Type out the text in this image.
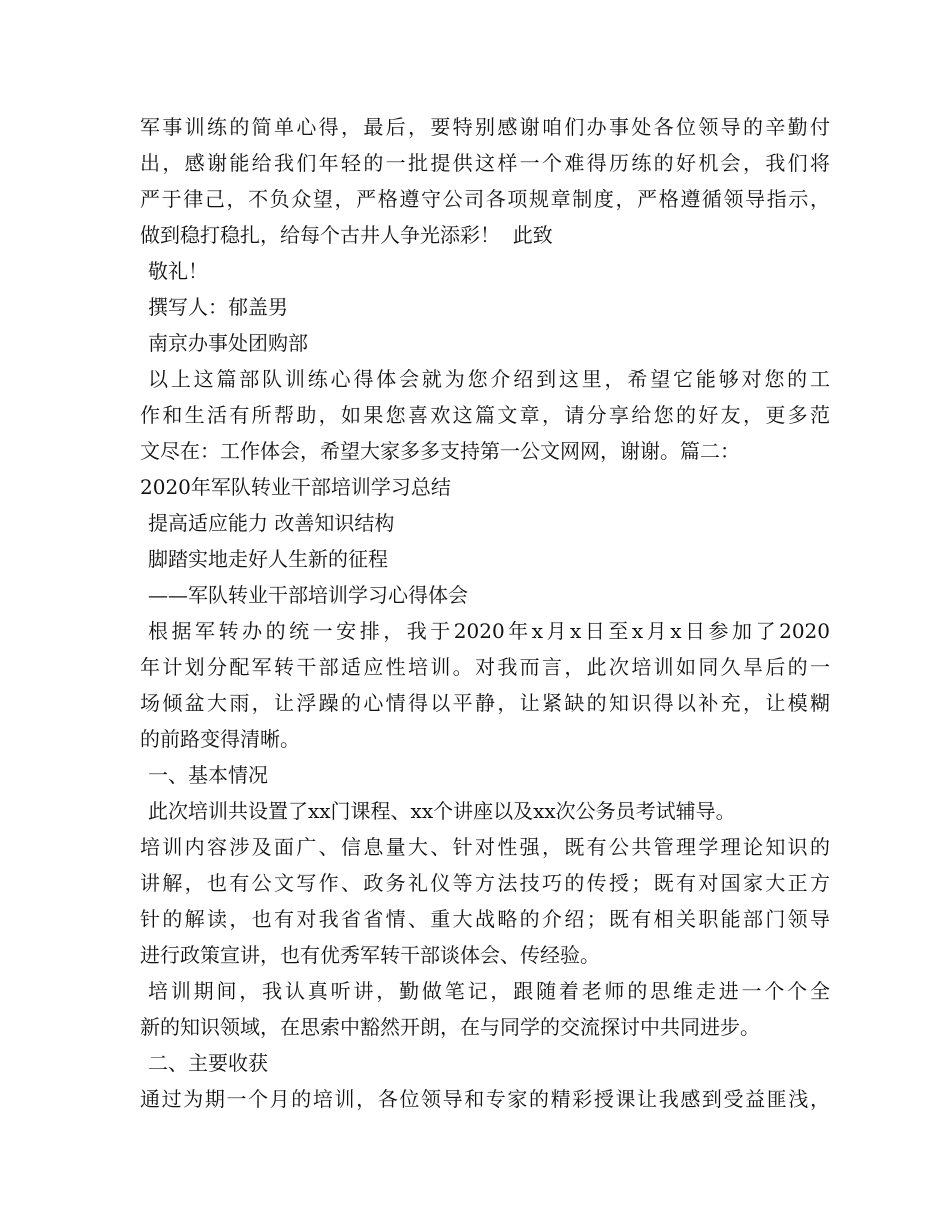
军事训练的简单心得，最后，要特别感谢咱们办事处各位领导的辛勤付
出，感谢能给我们年轻的一批提供这样一个难得历练的好机会，我们将
严于律己，不负众望，严格遵守公司各项规章制度，严格遵循领导指示，
做到稳打稳扎，给每个古井人争光添彩！  此致
敬礼！
撰写人：郁盖男
南京办事处团购部
以上这篇部队训练心得体会就为您介绍到这里，希望它能够对您的工
作和生活有所帮助，如果您喜欢这篇文章，请分享给您的好友，更多范
文尽在：工作体会，希望大家多多支持第一公文网网，谢谢。篇二：
2020年军队转业干部培训学习总结
提高适应能力 改善知识结构
脚踏实地走好人生新的征程
——军队转业干部培训学习心得体会
根据军转办的统一安排，我于2020年x月x日至x月x日参加了2020
年计划分配军转干部适应性培训。对我而言，此次培训如同久旱后的一
场倾盆大雨，让浮躁的心情得以平静，让紧缺的知识得以补充，让模糊
的前路变得清晰。
一、基本情况
此次培训共设置了xx门课程、xx个讲座以及xx次公务员考试辅导。
培训内容涉及面广、信息量大、针对性强，既有公共管理学理论知识的
讲解，也有公文写作、政务礼仪等方法技巧的传授；既有对国家大正方
针的解读，也有对我省省情、重大战略的介绍；既有相关职能部门领导
进行政策宣讲，也有优秀军转干部谈体会、传经验。
培训期间，我认真听讲，勤做笔记，跟随着老师的思维走进一个个全
新的知识领域，在思索中豁然开朗，在与同学的交流探讨中共同进步。
二、主要收获
通过为期一个月的培训，各位领导和专家的精彩授课让我感到受益匪浅，
